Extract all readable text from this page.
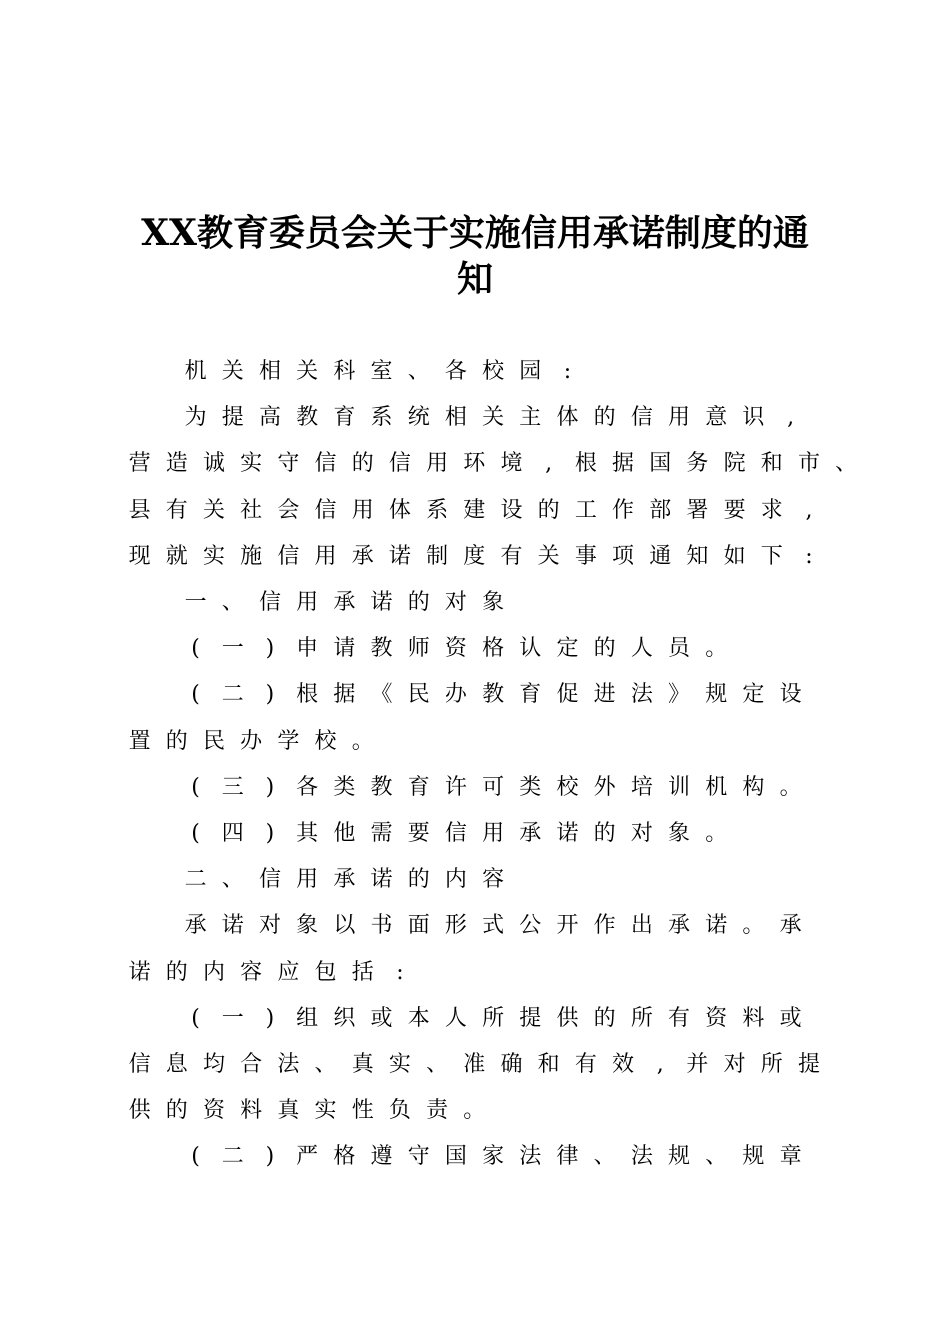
XX教育委员会关于实施信用承诺制度的通
知
机 关 相 关 科 室 、 各 校 园 :
为 提 高 教 育 系 统 相 关 主 体 的 信 用 意 识 ,
营 造 诚 实 守 信 的 信 用 环 境 , 根 据 国 务 院 和 市 、
县 有 关 社 会 信 用 体 系 建 设 的 工 作 部 署 要 求 ,
现 就 实 施 信 用 承 诺 制 度 有 关 事 项 通 知 如 下 :
一 、 信 用 承 诺 的 对 象
( 一 ) 申 请 教 师 资 格 认 定 的 人 员 。
( 二 ) 根 据 《 民 办 教 育 促 进 法 》 规 定 设
置 的 民 办 学 校 。
( 三 ) 各 类 教 育 许 可 类 校 外 培 训 机 构 。
( 四 ) 其 他 需 要 信 用 承 诺 的 对 象 。
二 、 信 用 承 诺 的 内 容
承 诺 对 象 以 书 面 形 式 公 开 作 出 承 诺 。 承
诺 的 内 容 应 包 括 :
( 一 ) 组 织 或 本 人 所 提 供 的 所 有 资 料 或
信 息 均 合 法 、 真 实 、 准 确 和 有 效 , 并 对 所 提
供 的 资 料 真 实 性 负 责 。
( 二 ) 严 格 遵 守 国 家 法 律 、 法 规 、 规 章
